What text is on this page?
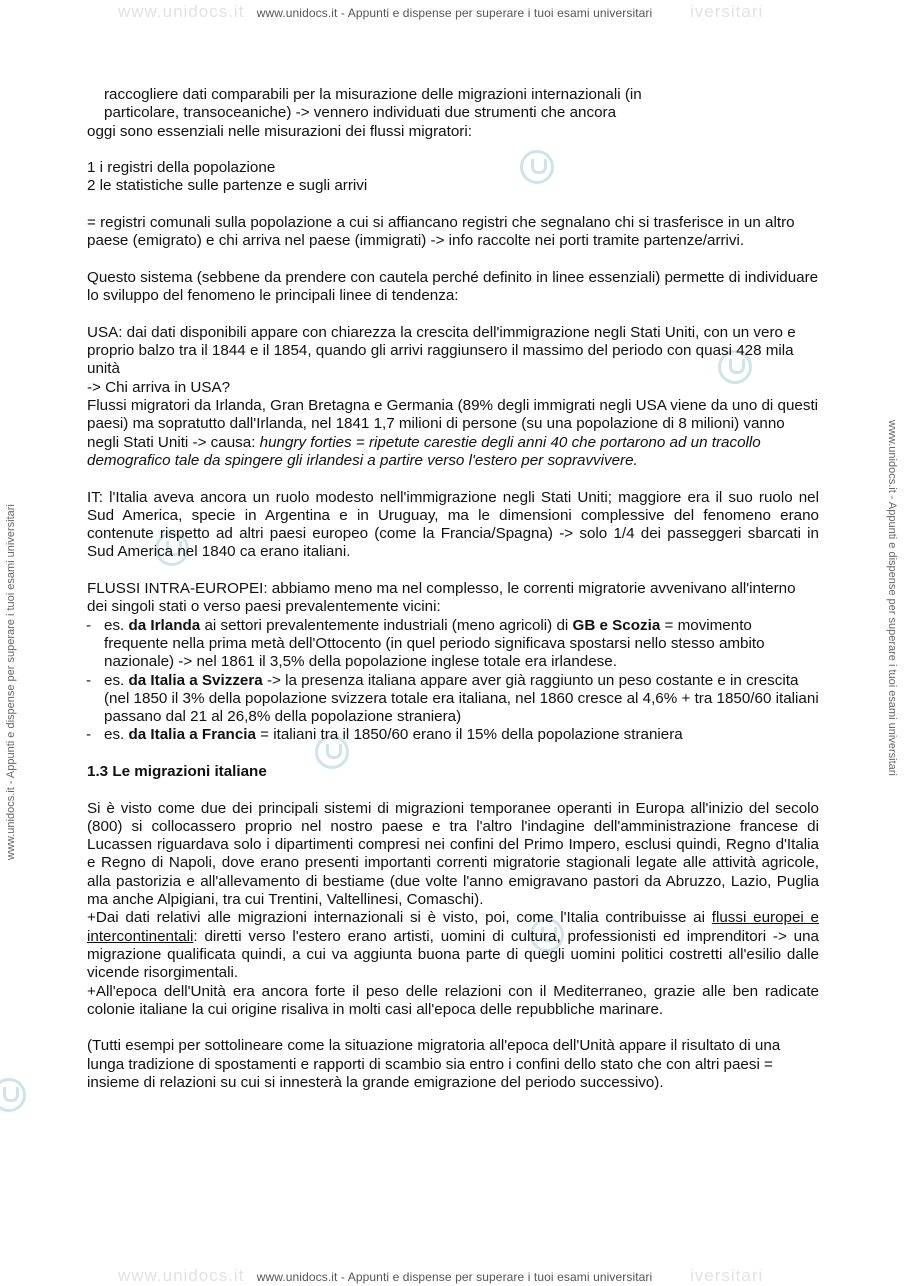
www.unidocs.it	iversitari
www.unidocs.it - Appunti e dispense per superare i tuoi esami universitari
www.unidocs.it	iversitari
www.unidocs.it - Appunti e dispense per superare i tuoi esami universitari
www.unidocs.it - Appunti e dispense per superare i tuoi esami universitari	www.unidocs.it - Appunti e dispense per superare i tuoi esami universitari

raccogliere dati comparabili per la misurazione delle migrazioni internazionali (in

particolare, transoceaniche) -> vennero individuati due strumenti che ancora

oggi sono essenziali nelle misurazioni dei flussi migratori:

1 i registri della popolazione

2 le statistiche sulle partenze e sugli arrivi

= registri comunali sulla popolazione a cui si affiancano registri che segnalano chi si trasferisce in un altro paese (emigrato) e chi arriva nel paese (immigrati) -> info raccolte nei porti tramite partenze/arrivi.

Questo sistema (sebbene da prendere con cautela perché definito in linee essenziali) permette di individuare lo sviluppo del fenomeno le principali linee di tendenza:

USA: dai dati disponibili appare con chiarezza la crescita dell'immigrazione negli Stati Uniti, con un vero e proprio balzo tra il 1844 e il 1854, quando gli arrivi raggiunsero il massimo del periodo con quasi 428 mila unità

-> Chi arriva in USA?

Flussi migratori da Irlanda, Gran Bretagna e Germania (89% degli immigrati negli USA viene da uno di questi paesi) ma sopratutto dall'Irlanda, nel 1841 1,7 milioni di persone (su una popolazione di 8 milioni) vanno negli Stati Uniti -> causa: hungry forties = ripetute carestie degli anni 40 che portarono ad un tracollo demografico tale da spingere gli irlandesi a partire verso l'estero per sopravvivere.

IT: l'Italia aveva ancora un ruolo modesto nell'immigrazione negli Stati Uniti; maggiore era il suo ruolo nel Sud America, specie in Argentina e in Uruguay, ma le dimensioni complessive del fenomeno erano contenute rispetto ad altri paesi europeo (come la Francia/Spagna) -> solo 1/4 dei passeggeri sbarcati in Sud America nel 1840 ca erano italiani.

FLUSSI INTRA-EUROPEI: abbiamo meno ma nel complesso, le correnti migratorie avvenivano all'interno dei singoli stati o verso paesi prevalentemente vicini:

- es. da Irlanda ai settori prevalentemente industriali (meno agricoli) di GB e Scozia = movimento frequente nella prima metà dell'Ottocento (in quel periodo significava spostarsi nello stesso ambito nazionale) -> nel 1861 il 3,5% della popolazione inglese totale era irlandese.
- es. da Italia a Svizzera -> la presenza italiana appare aver già raggiunto un peso costante e in crescita (nel 1850 il 3% della popolazione svizzera totale era italiana, nel 1860 cresce al 4,6% + tra 1850/60 italiani passano dal 21 al 26,8% della popolazione straniera)
- es. da Italia a Francia = italiani tra il 1850/60 erano il 15% della popolazione straniera
1.3 Le migrazioni italiane

Si è visto come due dei principali sistemi di migrazioni temporanee operanti in Europa all'inizio del secolo (800) si collocassero proprio nel nostro paese e tra l'altro l'indagine dell'amministrazione francese di Lucassen riguardava solo i dipartimenti compresi nei confini del Primo Impero, esclusi quindi, Regno d'Italia e Regno di Napoli, dove erano presenti importanti correnti migratorie stagionali legate alle attività agricole, alla pastorizia e all'allevamento di bestiame (due volte l'anno emigravano pastori da Abruzzo, Lazio, Puglia ma anche Alpigiani, tra cui Trentini, Valtellinesi, Comaschi).

+Dai dati relativi alle migrazioni internazionali si è visto, poi, come l'Italia contribuisse ai flussi europei e intercontinentali: diretti verso l'estero erano artisti, uomini di cultura, professionisti ed imprenditori -> una migrazione qualificata quindi, a cui va aggiunta buona parte di quegli uomini politici costretti all'esilio dalle vicende risorgimentali.

+All'epoca dell'Unità era ancora forte il peso delle relazioni con il Mediterraneo, grazie alle ben radicate colonie italiane la cui origine risaliva in molti casi all'epoca delle repubbliche marinare.

(Tutti esempi per sottolineare come la situazione migratoria all'epoca dell'Unità appare il risultato di una lunga tradizione di spostamenti e rapporti di scambio sia entro i confini dello stato che con altri paesi = insieme di relazioni su cui si innesterà la grande emigrazione del periodo successivo).
